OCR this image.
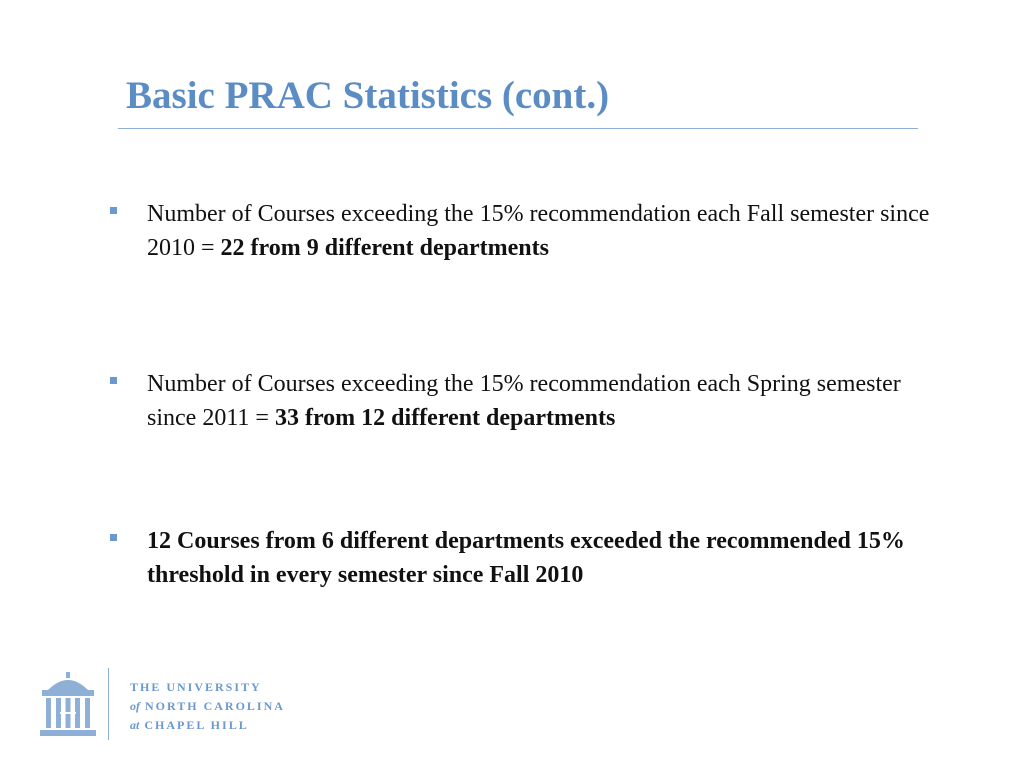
Basic PRAC Statistics (cont.)
Number of Courses exceeding the 15% recommendation each Fall semester since 2010 = 22 from 9 different departments
Number of Courses exceeding the 15% recommendation each Spring semester since 2011 = 33 from 12 different departments
12 Courses from 6 different departments exceeded the recommended 15% threshold in every semester since Fall 2010
THE UNIVERSITY
of NORTH CAROLINA
at CHAPEL HILL
